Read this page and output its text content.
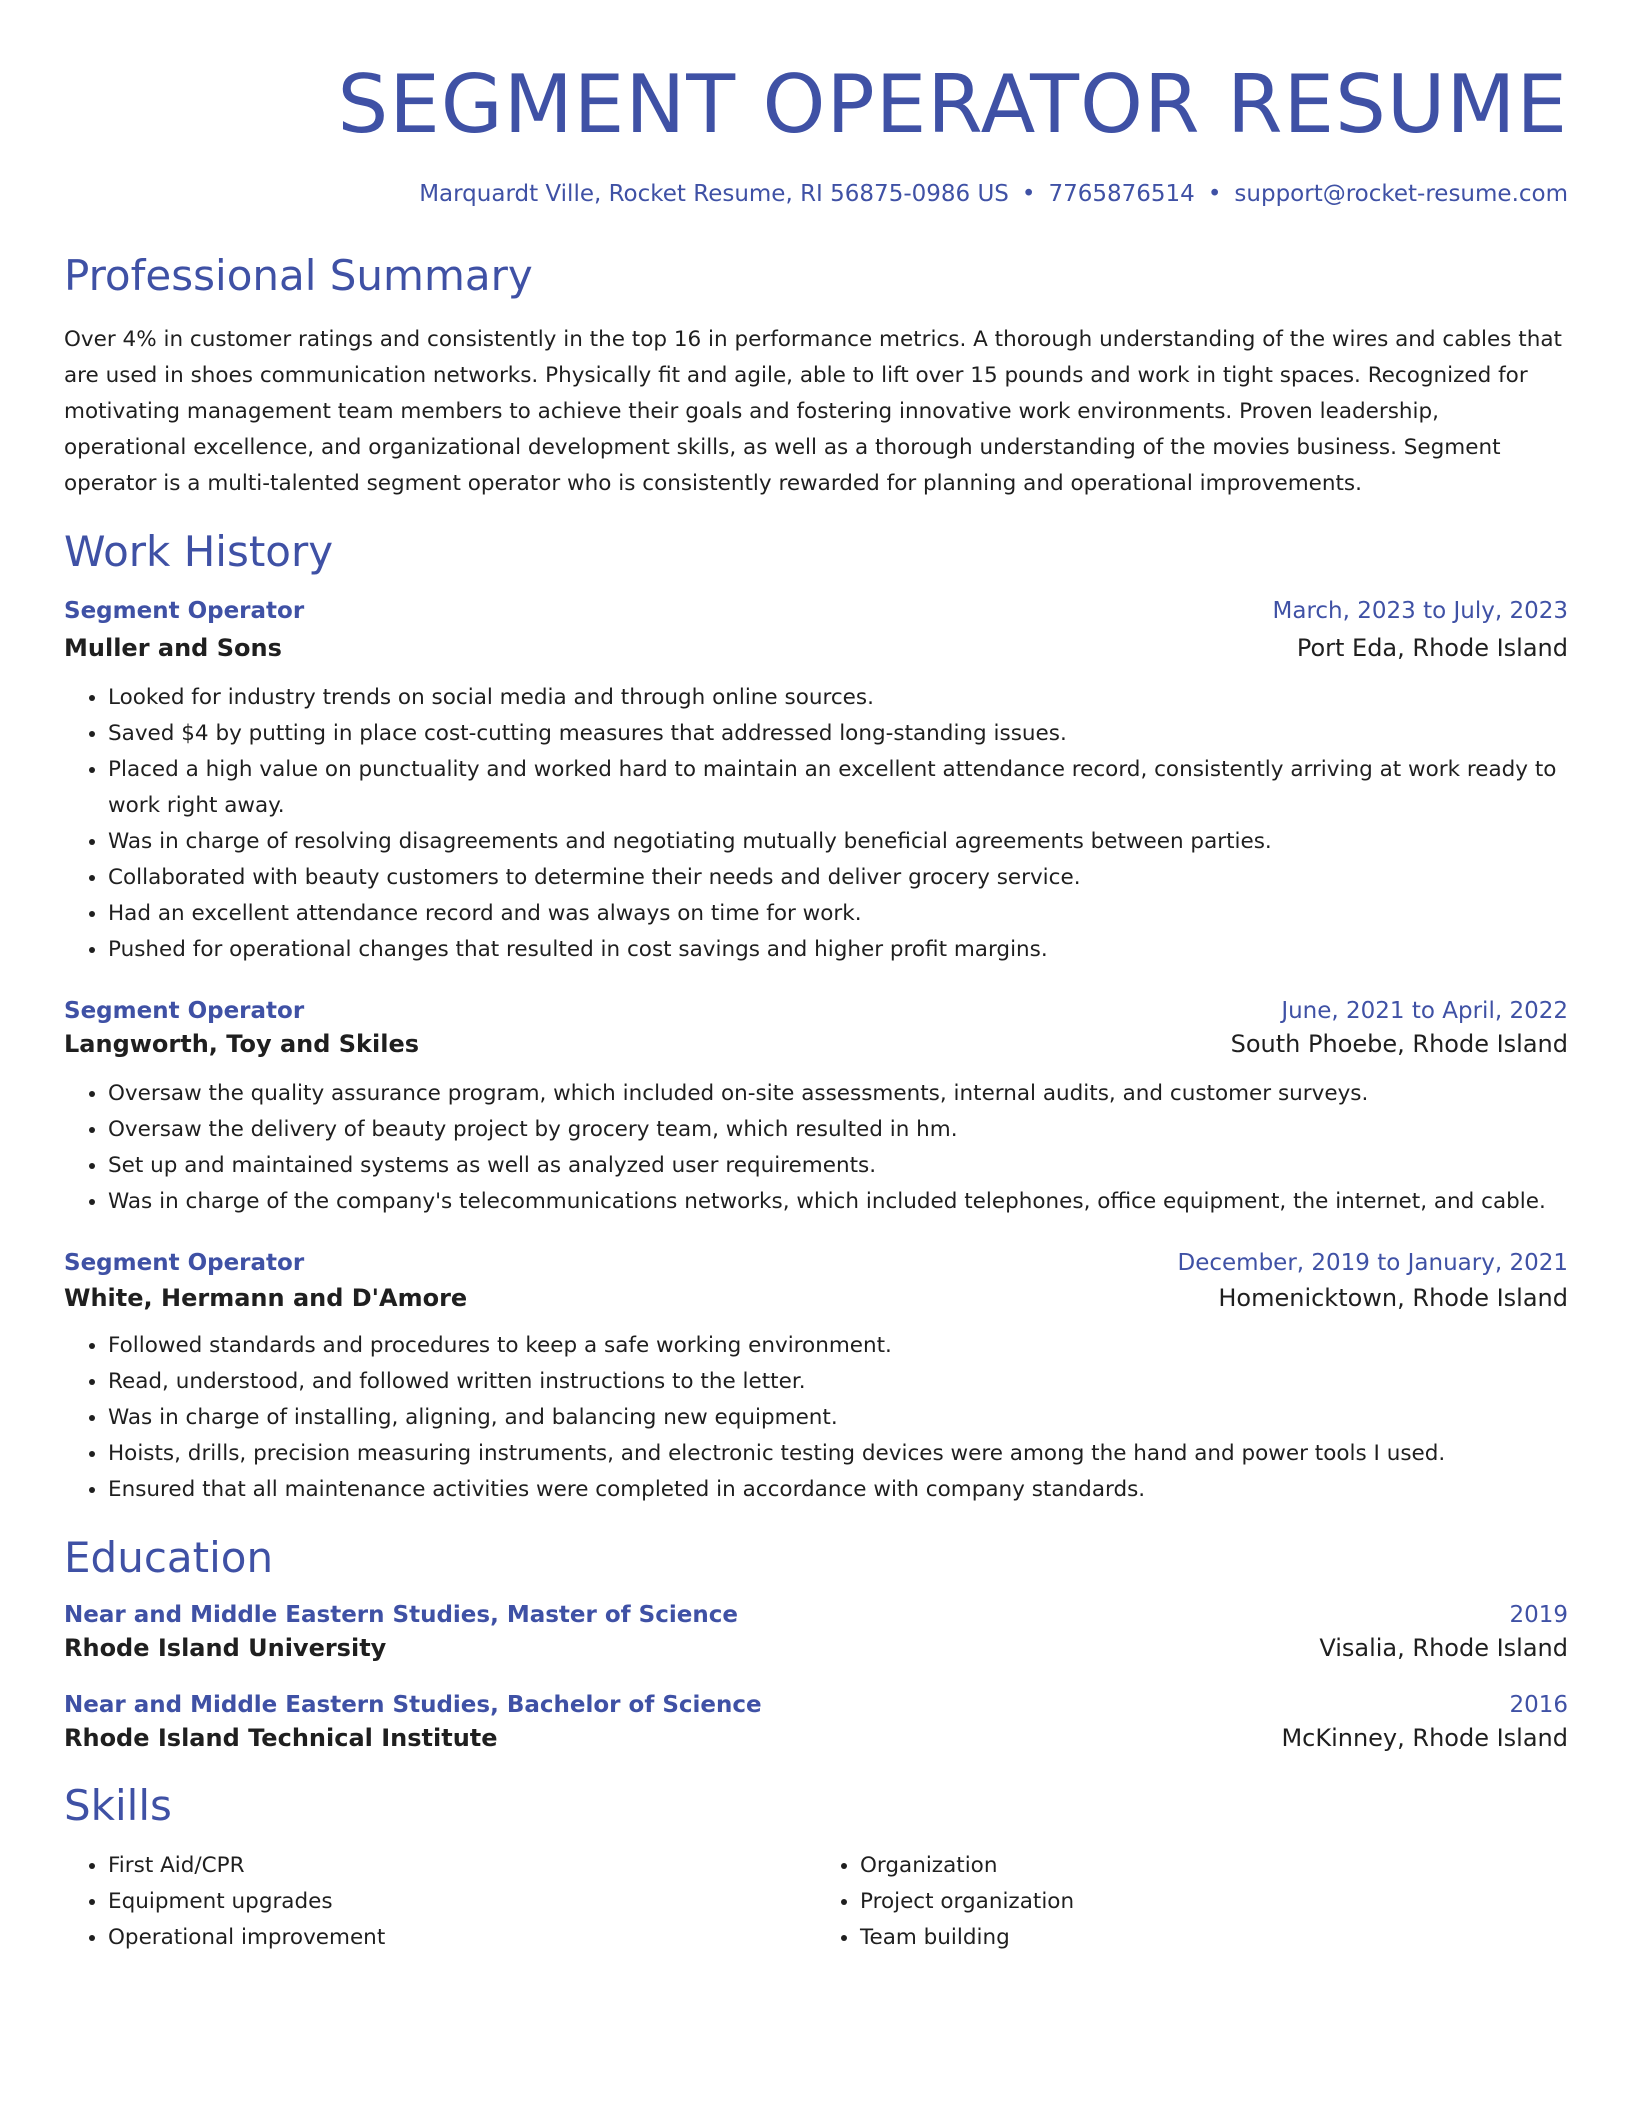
SEGMENT OPERATOR RESUME
Marquardt Ville, Rocket Resume, RI 56875-0986 US • 7765876514 • support@rocket-resume.com
Professional Summary

Over 4% in customer ratings and consistently in the top 16 in performance metrics. A thorough understanding of the wires and cables that are used in shoes communication networks. Physically fit and agile, able to lift over 15 pounds and work in tight spaces. Recognized for motivating management team members to achieve their goals and fostering innovative work environments. Proven leadership, operational excellence, and organizational development skills, as well as a thorough understanding of the movies business. Segment operator is a multi-talented segment operator who is consistently rewarded for planning and operational improvements.

Work History
Segment Operator	March, 2023 to July, 2023
Muller and Sons	Port Eda, Rhode Island
• Looked for industry trends on social media and through online sources.
• Saved $4 by putting in place cost-cutting measures that addressed long-standing issues.
• Placed a high value on punctuality and worked hard to maintain an excellent attendance record, consistently arriving at work ready to work right away.
• Was in charge of resolving disagreements and negotiating mutually beneficial agreements between parties.
• Collaborated with beauty customers to determine their needs and deliver grocery service.
• Had an excellent attendance record and was always on time for work.
• Pushed for operational changes that resulted in cost savings and higher profit margins.
Segment Operator	June, 2021 to April, 2022
Langworth, Toy and Skiles	South Phoebe, Rhode Island
• Oversaw the quality assurance program, which included on-site assessments, internal audits, and customer surveys.
• Oversaw the delivery of beauty project by grocery team, which resulted in hm.
• Set up and maintained systems as well as analyzed user requirements.
• Was in charge of the company's telecommunications networks, which included telephones, office equipment, the internet, and cable.
Segment Operator	December, 2019 to January, 2021
White, Hermann and D'Amore	Homenicktown, Rhode Island
• Followed standards and procedures to keep a safe working environment.
• Read, understood, and followed written instructions to the letter.
• Was in charge of installing, aligning, and balancing new equipment.
• Hoists, drills, precision measuring instruments, and electronic testing devices were among the hand and power tools I used.
• Ensured that all maintenance activities were completed in accordance with company standards.
Education
Near and Middle Eastern Studies, Master of Science	2019
Rhode Island University	Visalia, Rhode Island
Near and Middle Eastern Studies, Bachelor of Science	2016
Rhode Island Technical Institute	McKinney, Rhode Island
Skills
• First Aid/CPR
• Equipment upgrades
• Operational improvement
• Organization
• Project organization
• Team building
